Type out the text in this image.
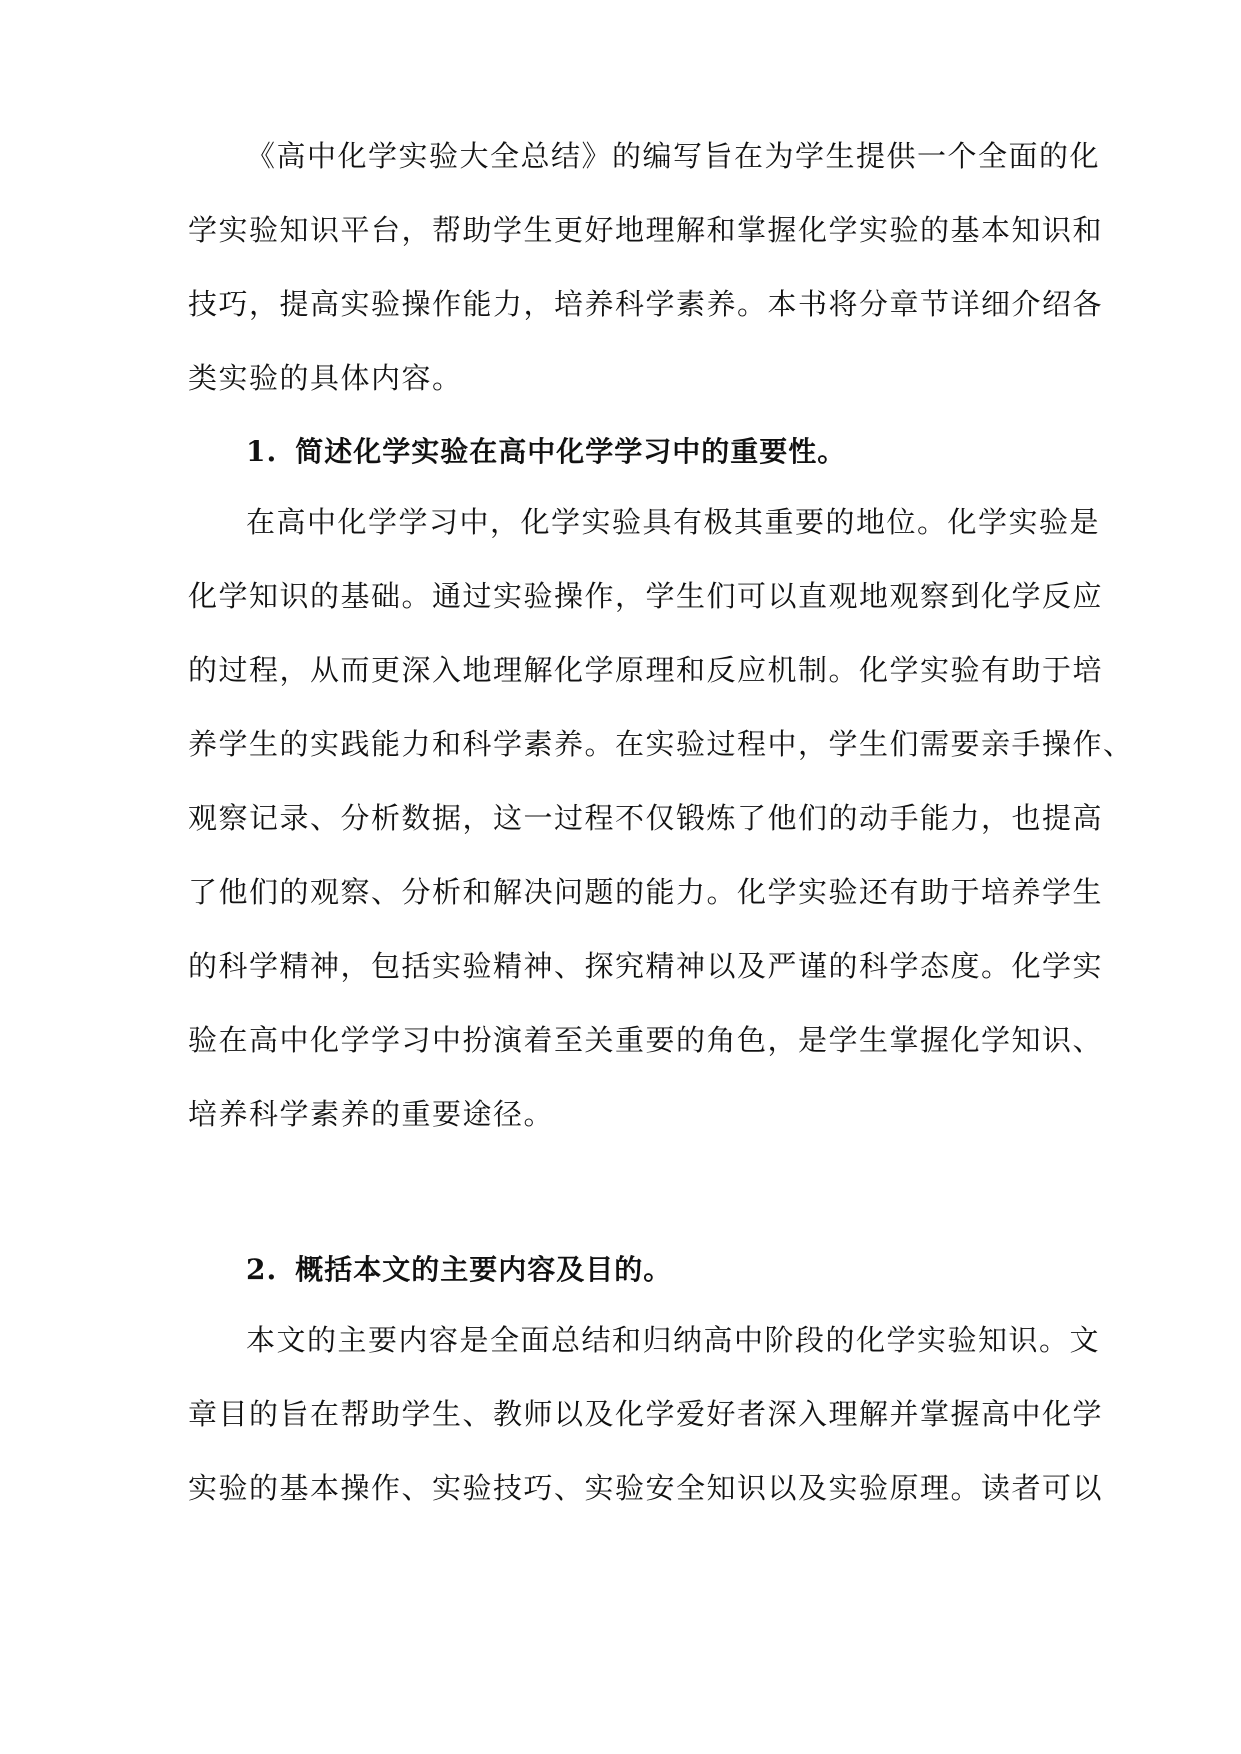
《高中化学实验大全总结》的编写旨在为学生提供一个全面的化
学实验知识平台，帮助学生更好地理解和掌握化学实验的基本知识和
技巧，提高实验操作能力，培养科学素养。本书将分章节详细介绍各
类实验的具体内容。
1. 简述化学实验在高中化学学习中的重要性。
在高中化学学习中，化学实验具有极其重要的地位。化学实验是
化学知识的基础。通过实验操作，学生们可以直观地观察到化学反应
的过程，从而更深入地理解化学原理和反应机制。化学实验有助于培
养学生的实践能力和科学素养。在实验过程中，学生们需要亲手操作、
观察记录、分析数据，这一过程不仅锻炼了他们的动手能力，也提高
了他们的观察、分析和解决问题的能力。化学实验还有助于培养学生
的科学精神，包括实验精神、探究精神以及严谨的科学态度。化学实
验在高中化学学习中扮演着至关重要的角色，是学生掌握化学知识、
培养科学素养的重要途径。
2. 概括本文的主要内容及目的。
本文的主要内容是全面总结和归纳高中阶段的化学实验知识。文
章目的旨在帮助学生、教师以及化学爱好者深入理解并掌握高中化学
实验的基本操作、实验技巧、实验安全知识以及实验原理。读者可以
